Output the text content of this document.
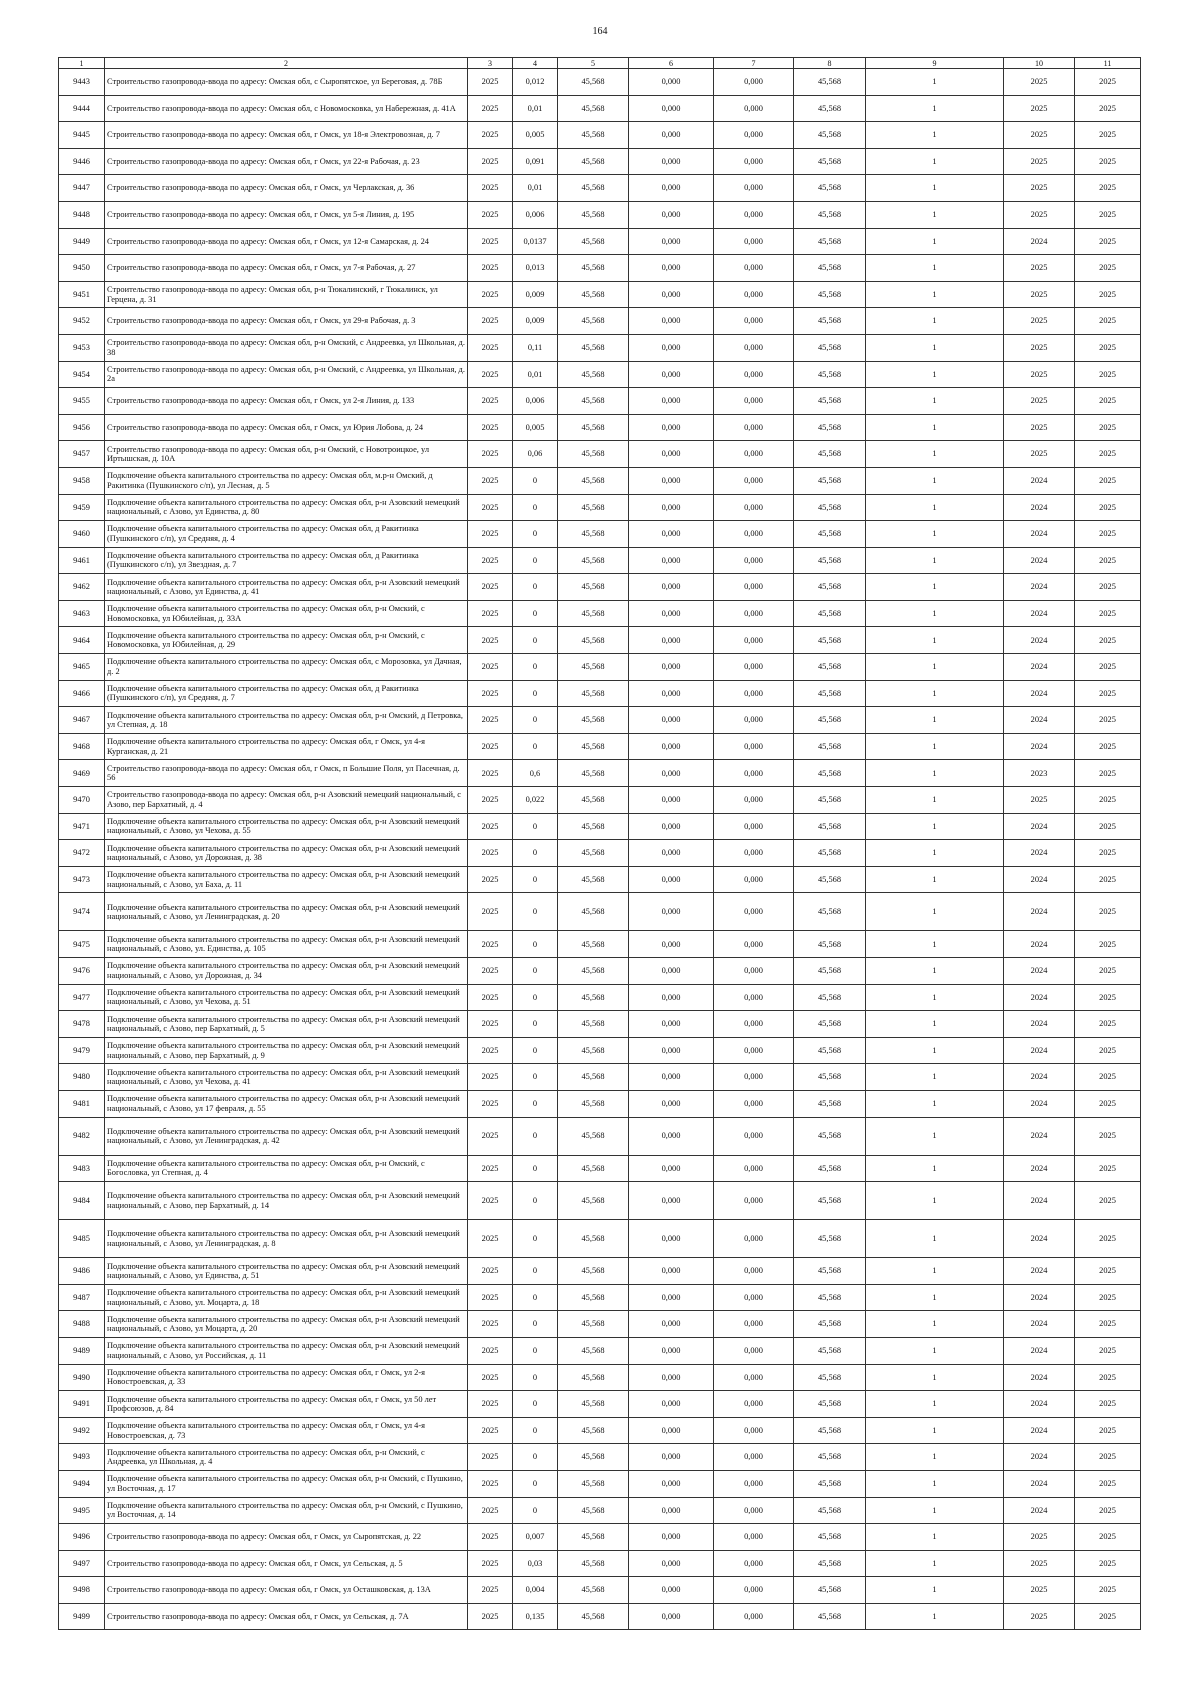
164
1	2	3	4	5	6	7	8	9	10	11
9443	Строительство газопровода-ввода по адресу: Омская обл, с Сыропятское, ул Береговая, д. 78Б	2025	0,012	45,568	0,000	0,000	45,568	1	2025	2025
9444	Строительство газопровода-ввода по адресу: Омская обл, с Новомосковка, ул Набережная, д. 41А	2025	0,01	45,568	0,000	0,000	45,568	1	2025	2025
9445	Строительство газопровода-ввода по адресу: Омская обл, г Омск, ул 18-я Электровозная, д. 7	2025	0,005	45,568	0,000	0,000	45,568	1	2025	2025
9446	Строительство газопровода-ввода по адресу: Омская обл, г Омск, ул 22-я Рабочая, д. 23	2025	0,091	45,568	0,000	0,000	45,568	1	2025	2025
9447	Строительство газопровода-ввода по адресу: Омская обл, г Омск, ул Черлакская, д. 36	2025	0,01	45,568	0,000	0,000	45,568	1	2025	2025
9448	Строительство газопровода-ввода по адресу: Омская обл, г Омск, ул 5-я Линия, д. 195	2025	0,006	45,568	0,000	0,000	45,568	1	2025	2025
9449	Строительство газопровода-ввода по адресу: Омская обл, г Омск, ул 12-я Самарская, д. 24	2025	0,0137	45,568	0,000	0,000	45,568	1	2024	2025
9450	Строительство газопровода-ввода по адресу: Омская обл, г Омск, ул 7-я Рабочая, д. 27	2025	0,013	45,568	0,000	0,000	45,568	1	2025	2025
9451	Строительство газопровода-ввода по адресу: Омская обл, р-н Тюкалинский, г Тюкалинск, ул Герцена, д. 31	2025	0,009	45,568	0,000	0,000	45,568	1	2025	2025
9452	Строительство газопровода-ввода по адресу: Омская обл, г Омск, ул 29-я Рабочая, д. 3	2025	0,009	45,568	0,000	0,000	45,568	1	2025	2025
9453	Строительство газопровода-ввода по адресу: Омская обл, р-н Омский, с Андреевка, ул Школьная, д. 38	2025	0,11	45,568	0,000	0,000	45,568	1	2025	2025
9454	Строительство газопровода-ввода по адресу: Омская обл, р-н Омский, с Андреевка, ул Школьная, д. 2а	2025	0,01	45,568	0,000	0,000	45,568	1	2025	2025
9455	Строительство газопровода-ввода по адресу: Омская обл, г Омск, ул 2-я Линия, д. 133	2025	0,006	45,568	0,000	0,000	45,568	1	2025	2025
9456	Строительство газопровода-ввода по адресу: Омская обл, г Омск, ул Юрия Лобова, д. 24	2025	0,005	45,568	0,000	0,000	45,568	1	2025	2025
9457	Строительство газопровода-ввода по адресу: Омская обл, р-н Омский, с Новотроицкое, ул Иртышская, д. 10А	2025	0,06	45,568	0,000	0,000	45,568	1	2025	2025
9458	Подключение объекта капитального строительства по адресу: Омская обл, м.р-н Омский, д Ракитинка (Пушкинского с/п), ул Лесная, д. 5	2025	0	45,568	0,000	0,000	45,568	1	2024	2025
9459	Подключение объекта капитального строительства по адресу: Омская обл, р-н Азовский немецкий национальный, с Азово, ул Единства, д. 80	2025	0	45,568	0,000	0,000	45,568	1	2024	2025
9460	Подключение объекта капитального строительства по адресу: Омская обл, д Ракитинка (Пушкинского с/п), ул Средняя, д. 4	2025	0	45,568	0,000	0,000	45,568	1	2024	2025
9461	Подключение объекта капитального строительства по адресу: Омская обл, д Ракитинка (Пушкинского с/п), ул Звездная, д. 7	2025	0	45,568	0,000	0,000	45,568	1	2024	2025
9462	Подключение объекта капитального строительства по адресу: Омская обл, р-н Азовский немецкий национальный, с Азово, ул Единства, д. 41	2025	0	45,568	0,000	0,000	45,568	1	2024	2025
9463	Подключение объекта капитального строительства по адресу: Омская обл, р-н Омский, с Новомосковка, ул Юбилейная, д. 33А	2025	0	45,568	0,000	0,000	45,568	1	2024	2025
9464	Подключение объекта капитального строительства по адресу: Омская обл, р-н Омский, с Новомосковка, ул Юбилейная, д. 29	2025	0	45,568	0,000	0,000	45,568	1	2024	2025
9465	Подключение объекта капитального строительства по адресу: Омская обл, с Морозовка, ул Дачная, д. 2	2025	0	45,568	0,000	0,000	45,568	1	2024	2025
9466	Подключение объекта капитального строительства по адресу: Омская обл, д Ракитинка (Пушкинского с/п), ул Средняя, д. 7	2025	0	45,568	0,000	0,000	45,568	1	2024	2025
9467	Подключение объекта капитального строительства по адресу: Омская обл, р-н Омский, д Петровка, ул Степная, д. 18	2025	0	45,568	0,000	0,000	45,568	1	2024	2025
9468	Подключение объекта капитального строительства по адресу: Омская обл, г Омск, ул 4-я Курганская, д. 21	2025	0	45,568	0,000	0,000	45,568	1	2024	2025
9469	Строительство газопровода-ввода по адресу: Омская обл, г Омск, п Большие Поля, ул Пасечная, д. 56	2025	0,6	45,568	0,000	0,000	45,568	1	2023	2025
9470	Строительство газопровода-ввода по адресу: Омская обл, р-н Азовский немецкий национальный, с Азово, пер Бархатный, д. 4	2025	0,022	45,568	0,000	0,000	45,568	1	2025	2025
9471	Подключение объекта капитального строительства по адресу: Омская обл, р-н Азовский немецкий национальный, с Азово, ул Чехова, д. 55	2025	0	45,568	0,000	0,000	45,568	1	2024	2025
9472	Подключение объекта капитального строительства по адресу: Омская обл, р-н Азовский немецкий национальный, с Азово, ул Дорожная, д. 38	2025	0	45,568	0,000	0,000	45,568	1	2024	2025
9473	Подключение объекта капитального строительства по адресу: Омская обл, р-н Азовский немецкий национальный, с Азово, ул Баха, д. 11	2025	0	45,568	0,000	0,000	45,568	1	2024	2025
9474	Подключение объекта капитального строительства по адресу: Омская обл, р-н Азовский немецкий национальный, с Азово, ул Ленинградская, д. 20	2025	0	45,568	0,000	0,000	45,568	1	2024	2025
9475	Подключение объекта капитального строительства по адресу: Омская обл, р-н Азовский немецкий национальный, с Азово, ул. Единства, д. 105	2025	0	45,568	0,000	0,000	45,568	1	2024	2025
9476	Подключение объекта капитального строительства по адресу: Омская обл, р-н Азовский немецкий национальный, с Азово, ул Дорожная, д. 34	2025	0	45,568	0,000	0,000	45,568	1	2024	2025
9477	Подключение объекта капитального строительства по адресу: Омская обл, р-н Азовский немецкий национальный, с Азово, ул Чехова, д. 51	2025	0	45,568	0,000	0,000	45,568	1	2024	2025
9478	Подключение объекта капитального строительства по адресу: Омская обл, р-н Азовский немецкий национальный, с Азово, пер Бархатный, д. 5	2025	0	45,568	0,000	0,000	45,568	1	2024	2025
9479	Подключение объекта капитального строительства по адресу: Омская обл, р-н Азовский немецкий национальный, с Азово, пер Бархатный, д. 9	2025	0	45,568	0,000	0,000	45,568	1	2024	2025
9480	Подключение объекта капитального строительства по адресу: Омская обл, р-н Азовский немецкий национальный, с Азово, ул Чехова, д. 41	2025	0	45,568	0,000	0,000	45,568	1	2024	2025
9481	Подключение объекта капитального строительства по адресу: Омская обл, р-н Азовский немецкий национальный, с Азово, ул 17 февраля, д. 55	2025	0	45,568	0,000	0,000	45,568	1	2024	2025
9482	Подключение объекта капитального строительства по адресу: Омская обл, р-н Азовский немецкий национальный, с Азово, ул Ленинградская, д. 42	2025	0	45,568	0,000	0,000	45,568	1	2024	2025
9483	Подключение объекта капитального строительства по адресу: Омская обл, р-н Омский, с Богословка, ул Степная, д. 4	2025	0	45,568	0,000	0,000	45,568	1	2024	2025
9484	Подключение объекта капитального строительства по адресу: Омская обл, р-н Азовский немецкий национальный, с Азово, пер Бархатный, д. 14	2025	0	45,568	0,000	0,000	45,568	1	2024	2025
9485	Подключение объекта капитального строительства по адресу: Омская обл, р-н Азовский немецкий национальный, с Азово, ул Ленинградская, д. 8	2025	0	45,568	0,000	0,000	45,568	1	2024	2025
9486	Подключение объекта капитального строительства по адресу: Омская обл, р-н Азовский немецкий национальный, с Азово, ул Единства, д. 51	2025	0	45,568	0,000	0,000	45,568	1	2024	2025
9487	Подключение объекта капитального строительства по адресу: Омская обл, р-н Азовский немецкий национальный, с Азово, ул. Моцарта, д. 18	2025	0	45,568	0,000	0,000	45,568	1	2024	2025
9488	Подключение объекта капитального строительства по адресу: Омская обл, р-н Азовский немецкий национальный, с Азово, ул Моцарта, д. 20	2025	0	45,568	0,000	0,000	45,568	1	2024	2025
9489	Подключение объекта капитального строительства по адресу: Омская обл, р-н Азовский немецкий национальный, с Азово, ул Российская, д. 11	2025	0	45,568	0,000	0,000	45,568	1	2024	2025
9490	Подключение объекта капитального строительства по адресу: Омская обл, г Омск, ул 2-я Новостроевская, д. 33	2025	0	45,568	0,000	0,000	45,568	1	2024	2025
9491	Подключение объекта капитального строительства по адресу: Омская обл, г Омск, ул 50 лет Профсоюзов, д. 84	2025	0	45,568	0,000	0,000	45,568	1	2024	2025
9492	Подключение объекта капитального строительства по адресу: Омская обл, г Омск, ул 4-я Новостроевская, д. 73	2025	0	45,568	0,000	0,000	45,568	1	2024	2025
9493	Подключение объекта капитального строительства по адресу: Омская обл, р-н Омский, с Андреевка, ул Школьная, д. 4	2025	0	45,568	0,000	0,000	45,568	1	2024	2025
9494	Подключение объекта капитального строительства по адресу: Омская обл, р-н Омский, с Пушкино, ул Восточная, д. 17	2025	0	45,568	0,000	0,000	45,568	1	2024	2025
9495	Подключение объекта капитального строительства по адресу: Омская обл, р-н Омский, с Пушкино, ул Восточная, д. 14	2025	0	45,568	0,000	0,000	45,568	1	2024	2025
9496	Строительство газопровода-ввода по адресу: Омская обл, г Омск, ул Сыропятская, д. 22	2025	0,007	45,568	0,000	0,000	45,568	1	2025	2025
9497	Строительство газопровода-ввода по адресу: Омская обл, г Омск, ул Сельская, д. 5	2025	0,03	45,568	0,000	0,000	45,568	1	2025	2025
9498	Строительство газопровода-ввода по адресу: Омская обл, г Омск, ул Осташковская, д. 13А	2025	0,004	45,568	0,000	0,000	45,568	1	2025	2025
9499	Строительство газопровода-ввода по адресу: Омская обл, г Омск, ул Сельская, д. 7А	2025	0,135	45,568	0,000	0,000	45,568	1	2025	2025
